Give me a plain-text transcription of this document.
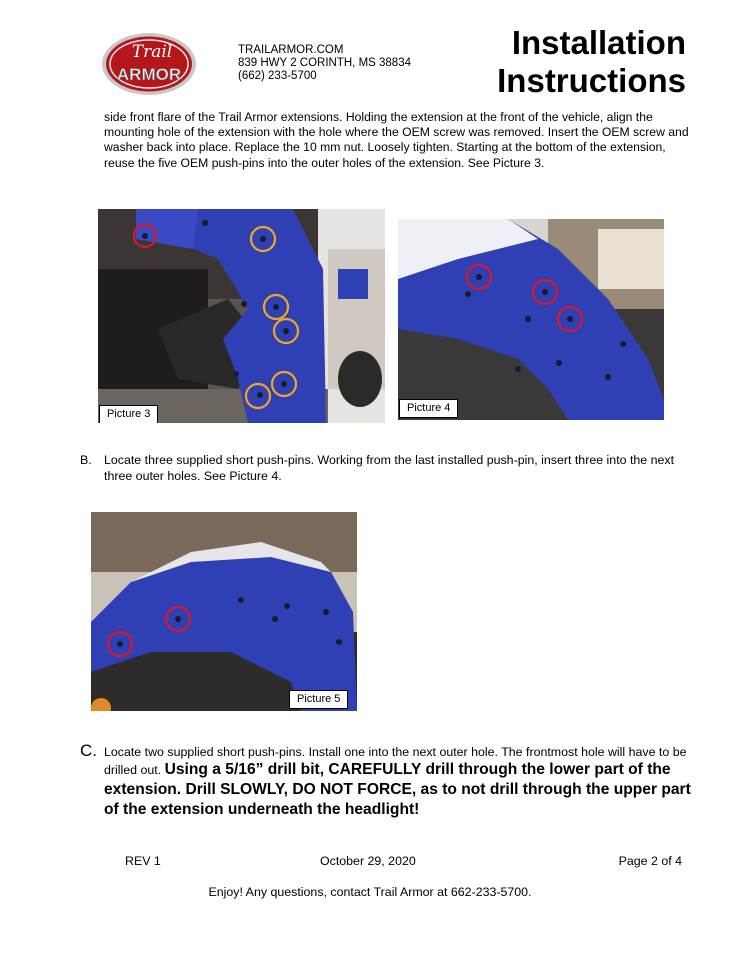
Trail
ARMOR
TRAILARMOR.COM
839 HWY 2 CORINTH, MS 38834
(662) 233-5700
Installation
Instructions
side front flare of the Trail Armor extensions. Holding the extension at the front of the vehicle, align the mounting hole of the extension with the hole where the OEM screw was removed. Insert the OEM screw and washer back into place. Replace the 10 mm nut. Loosely tighten. Starting at the bottom of the extension, reuse the five OEM push-pins into the outer holes of the extension. See Picture 3.
Picture 3	Picture 4
B. Locate three supplied short push-pins. Working from the last installed push-pin, insert three into the next three outer holes. See Picture 4.
Picture 5
C. Locate two supplied short push-pins. Install one into the next outer hole. The frontmost hole will have to be drilled out. Using a 5/16” drill bit, CAREFULLY drill through the lower part of the extension. Drill SLOWLY, DO NOT FORCE, as to not drill through the upper part of the extension underneath the headlight!
REV 1	October 29, 2020	Page 2 of 4
Enjoy! Any questions, contact Trail Armor at 662-233-5700.
